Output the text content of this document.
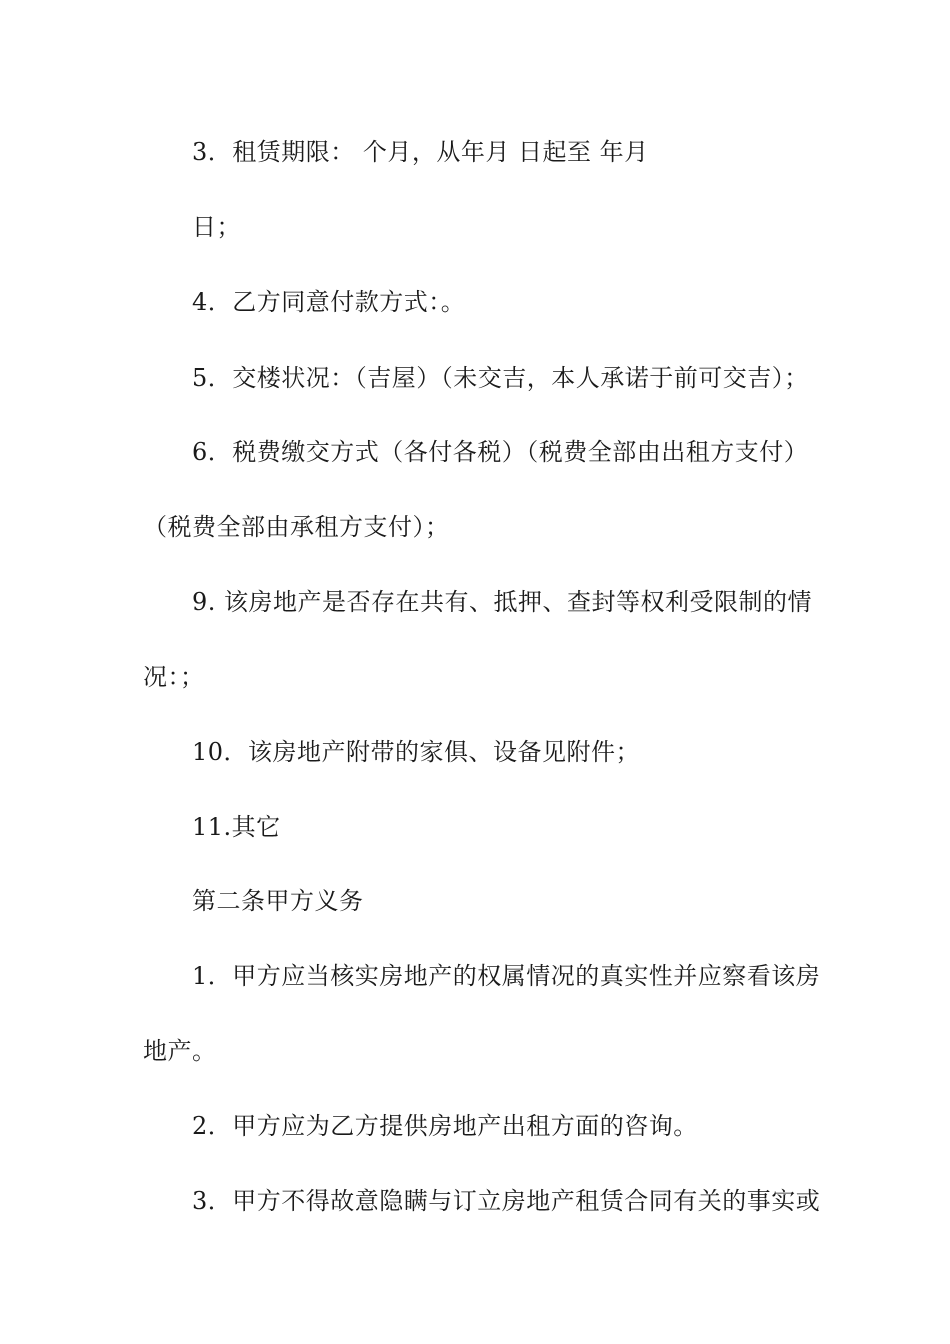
3．租赁期限： 个月，从年月 日起至 年月
日；
4．乙方同意付款方式：。
5．交楼状况：（吉屋）（未交吉，本人承诺于前可交吉）；
6．税费缴交方式（各付各税）（税费全部由出租方支付）
（税费全部由承租方支付）；
9. 该房地产是否存在共有、抵押、查封等权利受限制的情
况：；
10．该房地产附带的家俱、设备见附件；
11.其它
第二条甲方义务
1．甲方应当核实房地产的权属情况的真实性并应察看该房
地产。
2．甲方应为乙方提供房地产出租方面的咨询。
3．甲方不得故意隐瞒与订立房地产租赁合同有关的事实或
